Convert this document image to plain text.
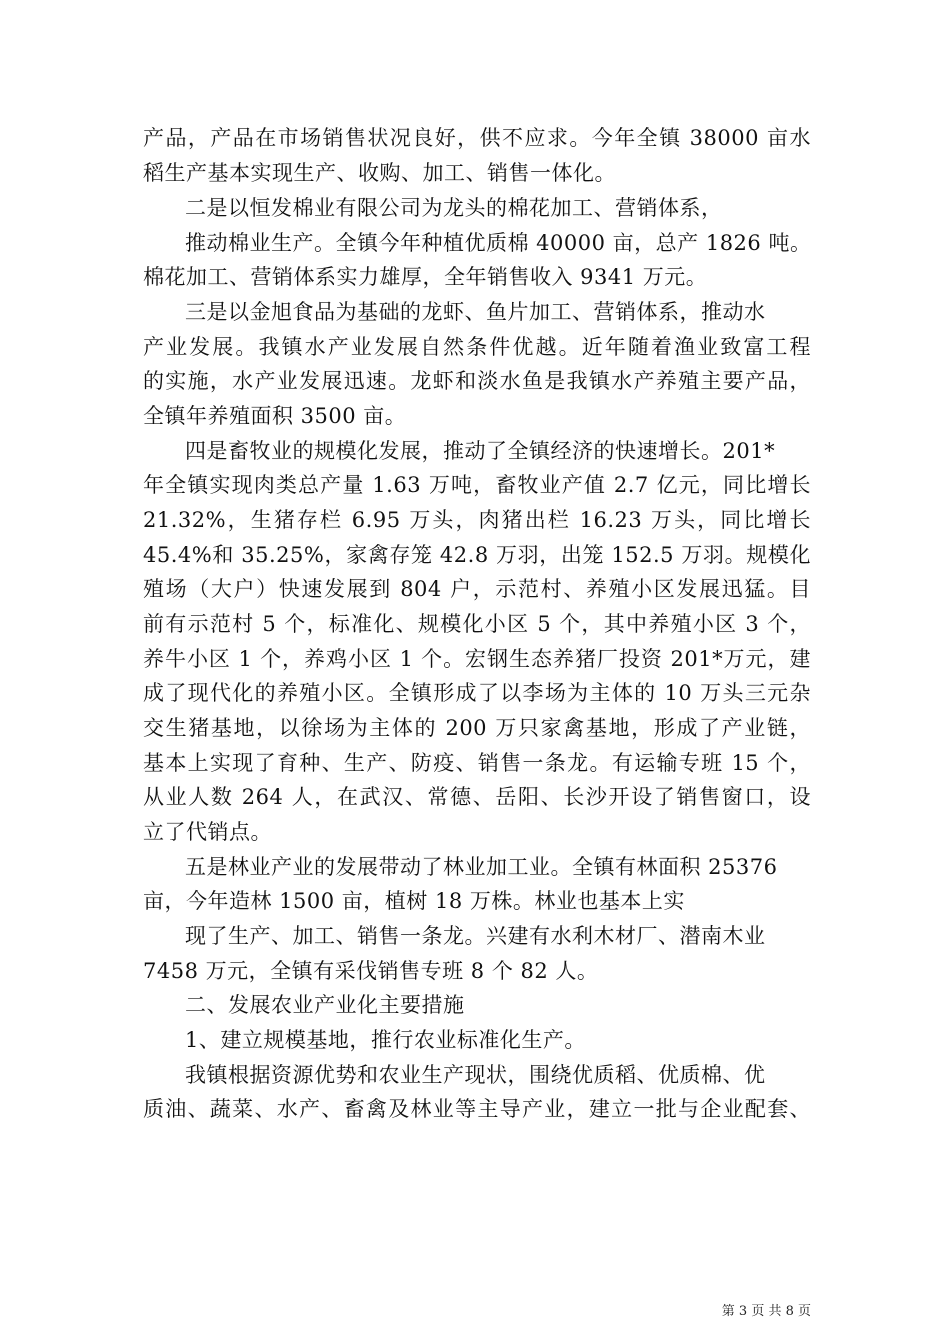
产品，产品在市场销售状况良好，供不应求。今年全镇 38000 亩水
稻生产基本实现生产、收购、加工、销售一体化。
二是以恒发棉业有限公司为龙头的棉花加工、营销体系，
推动棉业生产。全镇今年种植优质棉 40000 亩，总产 1826 吨。
棉花加工、营销体系实力雄厚，全年销售收入 9341 万元。
三是以金旭食品为基础的龙虾、鱼片加工、营销体系，推动水
产业发展。我镇水产业发展自然条件优越。近年随着渔业致富工程
的实施，水产业发展迅速。龙虾和淡水鱼是我镇水产养殖主要产品，
全镇年养殖面积 3500 亩。
四是畜牧业的规模化发展，推动了全镇经济的快速增长。201*
年全镇实现肉类总产量 1.63 万吨，畜牧业产值 2.7 亿元，同比增长
21.32%，生猪存栏 6.95 万头，肉猪出栏 16.23 万头，同比增长
45.4%和 35.25%，家禽存笼 42.8 万羽，出笼 152.5 万羽。规模化
殖场（大户）快速发展到 804 户，示范村、养殖小区发展迅猛。目
前有示范村 5 个，标准化、规模化小区 5 个，其中养殖小区 3 个，
养牛小区 1 个，养鸡小区 1 个。宏钢生态养猪厂投资 201*万元，建
成了现代化的养殖小区。全镇形成了以李场为主体的 10 万头三元杂
交生猪基地，以徐场为主体的 200 万只家禽基地，形成了产业链，
基本上实现了育种、生产、防疫、销售一条龙。有运输专班 15 个，
从业人数 264 人，在武汉、常德、岳阳、长沙开设了销售窗口，设
立了代销点。
五是林业产业的发展带动了林业加工业。全镇有林面积 25376
亩，今年造林 1500 亩，植树 18 万株。林业也基本上实
现了生产、加工、销售一条龙。兴建有水利木材厂、潜南木业
7458 万元，全镇有采伐销售专班 8 个 82 人。
二、发展农业产业化主要措施
1、建立规模基地，推行农业标准化生产。
我镇根据资源优势和农业生产现状，围绕优质稻、优质棉、优
质油、蔬菜、水产、畜禽及林业等主导产业，建立一批与企业配套、
第 3 页 共 8 页
